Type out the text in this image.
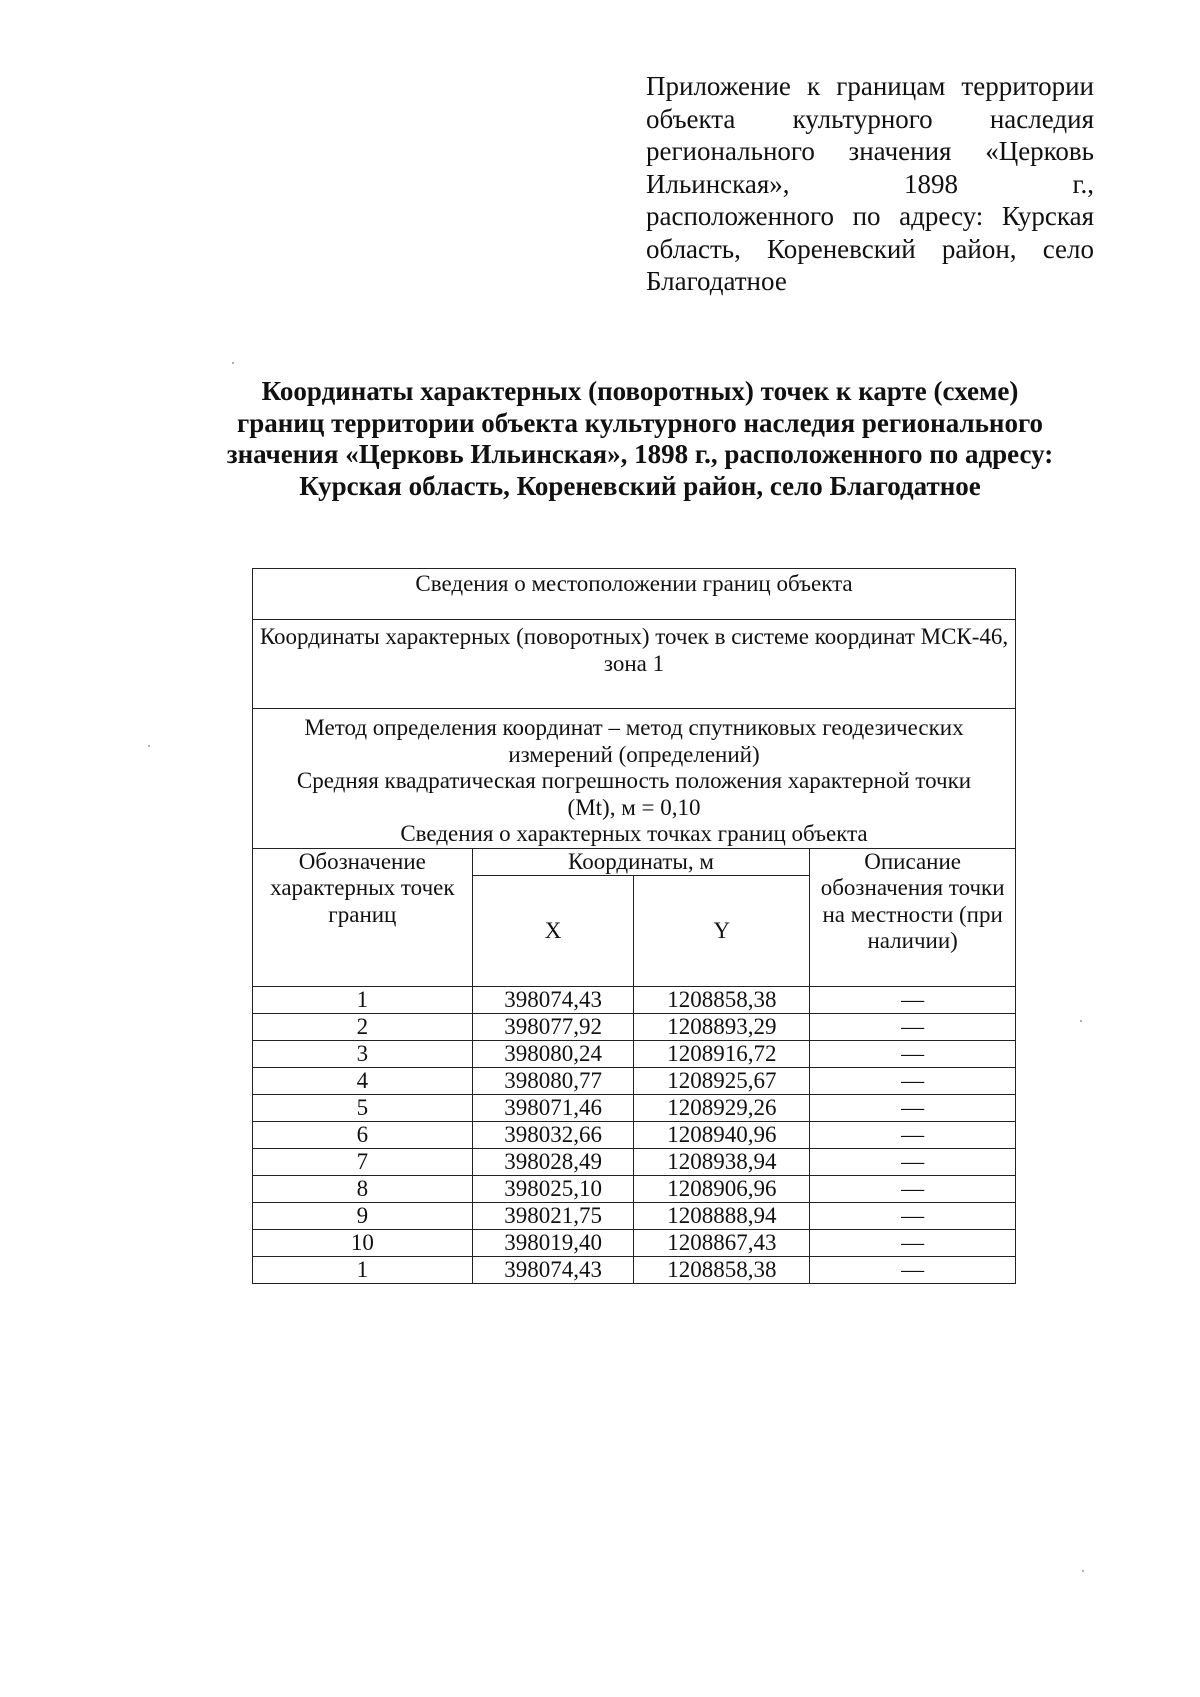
Приложение к границам территории
объекта культурного наследия
регионального значения «Церковь
Ильинская», 1898 г.,
расположенного по адресу: Курская
область, Кореневский район, село
Благодатное
Координаты характерных (поворотных) точек к карте (схеме)
границ территории объекта культурного наследия регионального
значения «Церковь Ильинская», 1898 г., расположенного по адресу:
Курская область, Кореневский район, село Благодатное
Сведения о местоположении границ объекта			
Координаты характерных (поворотных) точек в системе координат МСК-46, зона 1			

Метод определения координат – метод спутниковых геодезических
измерений (определений)
Средняя квадратическая погрешность положения характерной точки
(Mt), м = 0,10
Сведения о характерных точках границ объекта			

Обозначение характерных точек границ	Координаты, м		Описание обозначения точки на местности (при наличии)
	X	Y	
1	398074,43	1208858,38	—
2	398077,92	1208893,29	—
3	398080,24	1208916,72	—
4	398080,77	1208925,67	—
5	398071,46	1208929,26	—
6	398032,66	1208940,96	—
7	398028,49	1208938,94	—
8	398025,10	1208906,96	—
9	398021,75	1208888,94	—
10	398019,40	1208867,43	—
1	398074,43	1208858,38	—
